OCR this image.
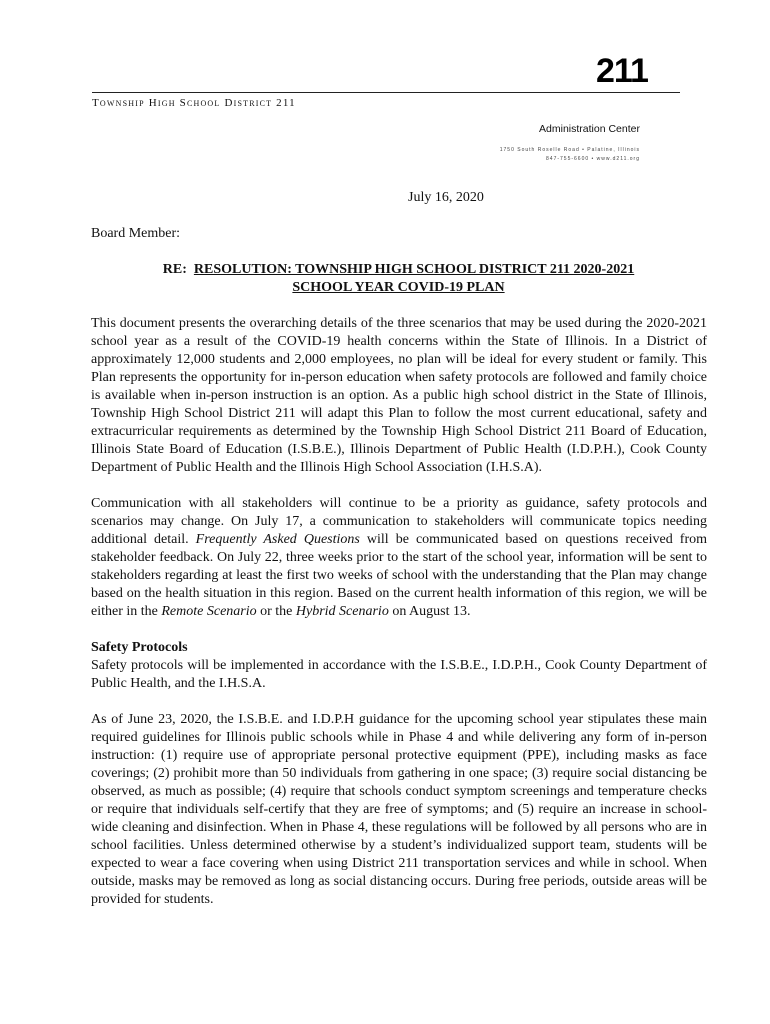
211
Township High School District 211
Administration Center
1750 South Roselle Road • Palatine, Illinois
847-755-6600 • www.d211.org
July 16, 2020
Board Member:
RE: RESOLUTION: TOWNSHIP HIGH SCHOOL DISTRICT 211 2020-2021
SCHOOL YEAR COVID-19 PLAN

This document presents the overarching details of the three scenarios that may be used during the 2020-2021 school year as a result of the COVID-19 health concerns within the State of Illinois. In a District of approximately 12,000 students and 2,000 employees, no plan will be ideal for every student or family. This Plan represents the opportunity for in-person education when safety protocols are followed and family choice is available when in-person instruction is an option. As a public high school district in the State of Illinois, Township High School District 211 will adapt this Plan to follow the most current educational, safety and extracurricular requirements as determined by the Township High School District 211 Board of Education, Illinois State Board of Education (I.S.B.E.), Illinois Department of Public Health (I.D.P.H.), Cook County Department of Public Health and the Illinois High School Association (I.H.S.A).

Communication with all stakeholders will continue to be a priority as guidance, safety protocols and scenarios may change. On July 17, a communication to stakeholders will communicate topics needing additional detail. Frequently Asked Questions will be communicated based on questions received from stakeholder feedback. On July 22, three weeks prior to the start of the school year, information will be sent to stakeholders regarding at least the first two weeks of school with the understanding that the Plan may change based on the health situation in this region. Based on the current health information of this region, we will be either in the Remote Scenario or the Hybrid Scenario on August 13.

Safety Protocols
Safety protocols will be implemented in accordance with the I.S.B.E., I.D.P.H., Cook County Department of Public Health, and the I.H.S.A.

As of June 23, 2020, the I.S.B.E. and I.D.P.H guidance for the upcoming school year stipulates these main required guidelines for Illinois public schools while in Phase 4 and while delivering any form of in-person instruction: (1) require use of appropriate personal protective equipment (PPE), including masks as face coverings; (2) prohibit more than 50 individuals from gathering in one space; (3) require social distancing be observed, as much as possible; (4) require that schools conduct symptom screenings and temperature checks or require that individuals self-certify that they are free of symptoms; and (5) require an increase in school-wide cleaning and disinfection. When in Phase 4, these regulations will be followed by all persons who are in school facilities. Unless determined otherwise by a student’s individualized support team, students will be expected to wear a face covering when using District 211 transportation services and while in school. When outside, masks may be removed as long as social distancing occurs. During free periods, outside areas will be provided for students.
